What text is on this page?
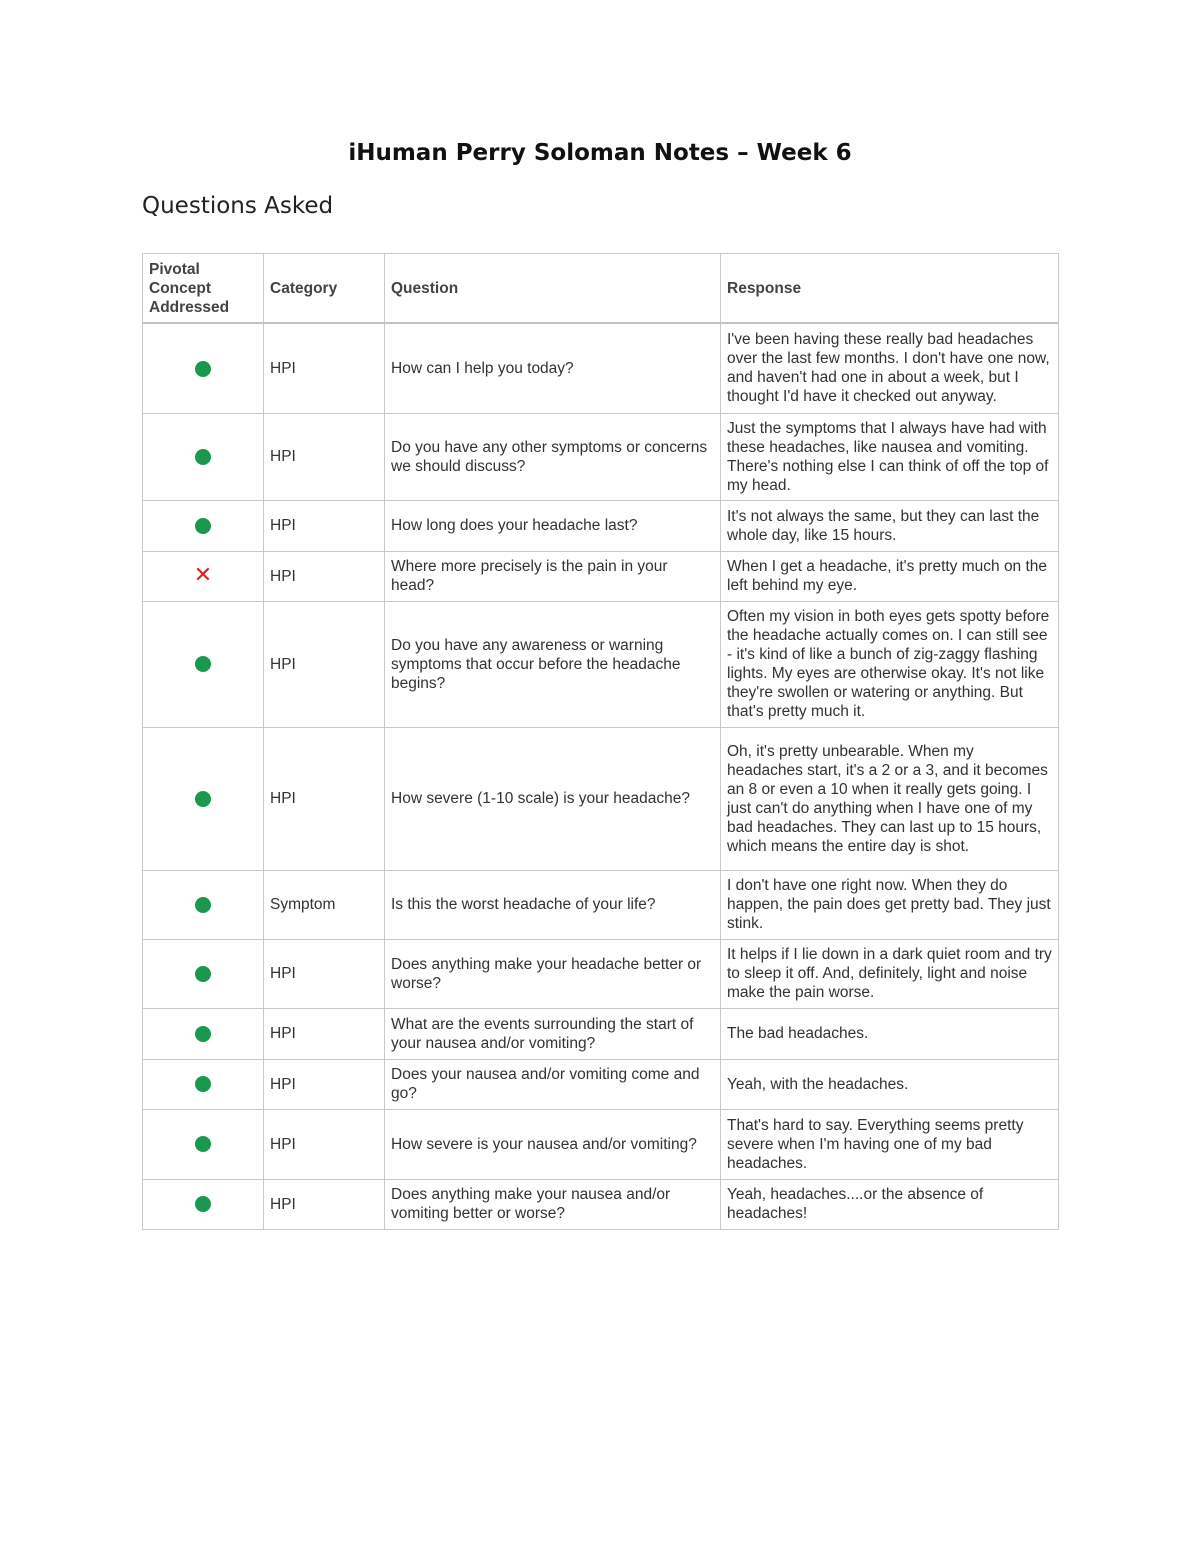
iHuman Perry Soloman Notes – Week 6
Questions Asked
Pivotal Concept Addressed	Category	Question	Response
	HPI	How can I help you today?	I've been having these really bad headaches over the last few months. I don't have one now, and haven't had one in about a week, but I thought I'd have it checked out anyway.
	HPI	Do you have any other symptoms or concerns we should discuss?	Just the symptoms that I always have had with these headaches, like nausea and vomiting. There's nothing else I can think of off the top of my head.
	HPI	How long does your headache last?	It's not always the same, but they can last the whole day, like 15 hours.
✕	HPI	Where more precisely is the pain in your head?	When I get a headache, it's pretty much on the left behind my eye.
	HPI	Do you have any awareness or warning symptoms that occur before the headache begins?	Often my vision in both eyes gets spotty before the headache actually comes on. I can still see - it's kind of like a bunch of zig-zaggy flashing lights. My eyes are otherwise okay. It's not like they're swollen or watering or anything. But that's pretty much it.
	HPI	How severe (1-10 scale) is your headache?	Oh, it's pretty unbearable. When my headaches start, it's a 2 or a 3, and it becomes an 8 or even a 10 when it really gets going. I just can't do anything when I have one of my bad headaches. They can last up to 15 hours, which means the entire day is shot.
	Symptom	Is this the worst headache of your life?	I don't have one right now. When they do happen, the pain does get pretty bad. They just stink.
	HPI	Does anything make your headache better or worse?	It helps if I lie down in a dark quiet room and try to sleep it off. And, definitely, light and noise make the pain worse.
	HPI	What are the events surrounding the start of your nausea and/or vomiting?	The bad headaches.
	HPI	Does your nausea and/or vomiting come and go?	Yeah, with the headaches.
	HPI	How severe is your nausea and/or vomiting?	That's hard to say. Everything seems pretty severe when I'm having one of my bad headaches.
	HPI	Does anything make your nausea and/or vomiting better or worse?	Yeah, headaches....or the absence of headaches!
